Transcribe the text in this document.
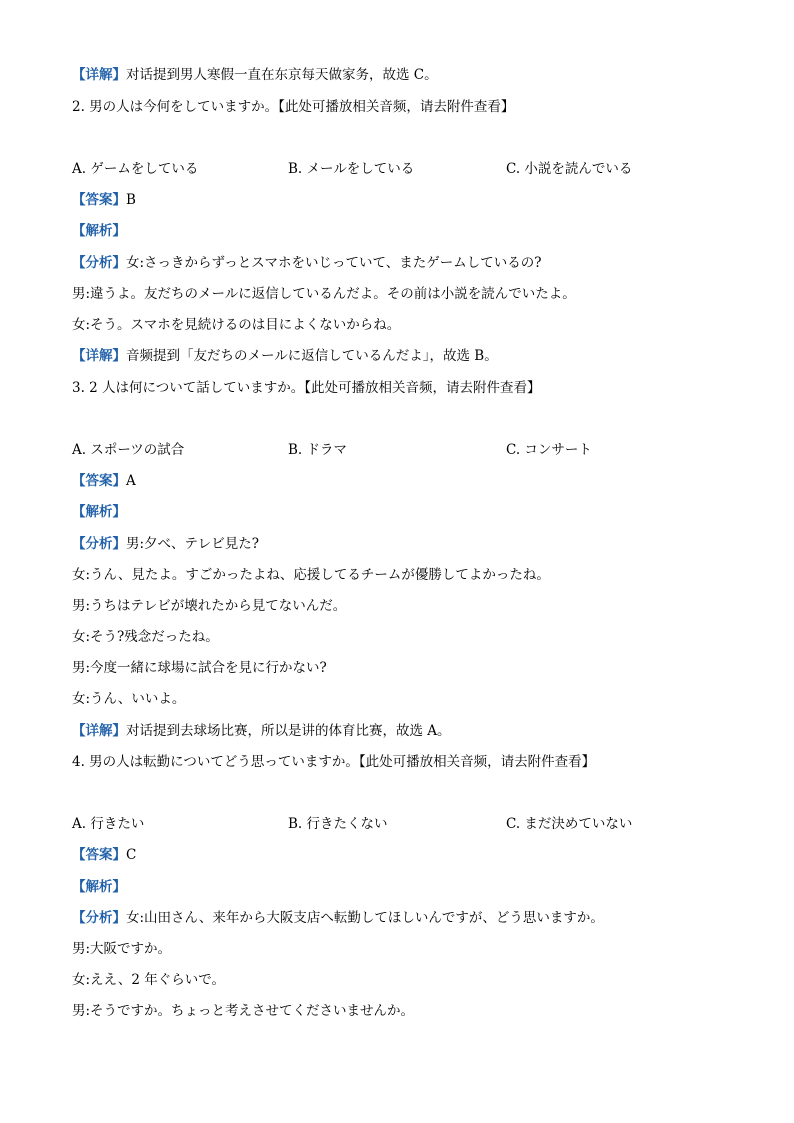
【详解】对话提到男人寒假一直在东京每天做家务，故选 C。
2. 男の人は今何をしていますか。【此处可播放相关音频，请去附件查看】
A. ゲームをしている	B. メールをしている	C. 小説を読んでいる
【答案】B
【解析】
【分析】女:さっきからずっとスマホをいじっていて、またゲームしているの?
男:違うよ。友だちのメールに返信しているんだよ。その前は小説を読んでいたよ。
女:そう。スマホを見続けるのは目によくないからね。
【详解】音频提到「友だちのメールに返信しているんだよ」，故选 B。
3. 2 人は何について話していますか。【此处可播放相关音频，请去附件查看】
A. スポーツの試合	B. ドラマ	C. コンサート
【答案】A
【解析】
【分析】男:夕べ、テレビ見た?
女:うん、見たよ。すごかったよね、応援してるチームが優勝してよかったね。
男:うちはテレビが壊れたから見てないんだ。
女:そう?残念だったね。
男:今度一緒に球場に試合を見に行かない?
女:うん、いいよ。
【详解】对话提到去球场比赛，所以是讲的体育比赛，故选 A。
4. 男の人は転勤についてどう思っていますか。【此处可播放相关音频，请去附件查看】
A. 行きたい	B. 行きたくない	C. まだ決めていない
【答案】C
【解析】
【分析】女:山田さん、来年から大阪支店へ転勤してほしいんですが、どう思いますか。
男:大阪ですか。
女:ええ、2 年ぐらいで。
男:そうですか。ちょっと考えさせてくださいませんか。
